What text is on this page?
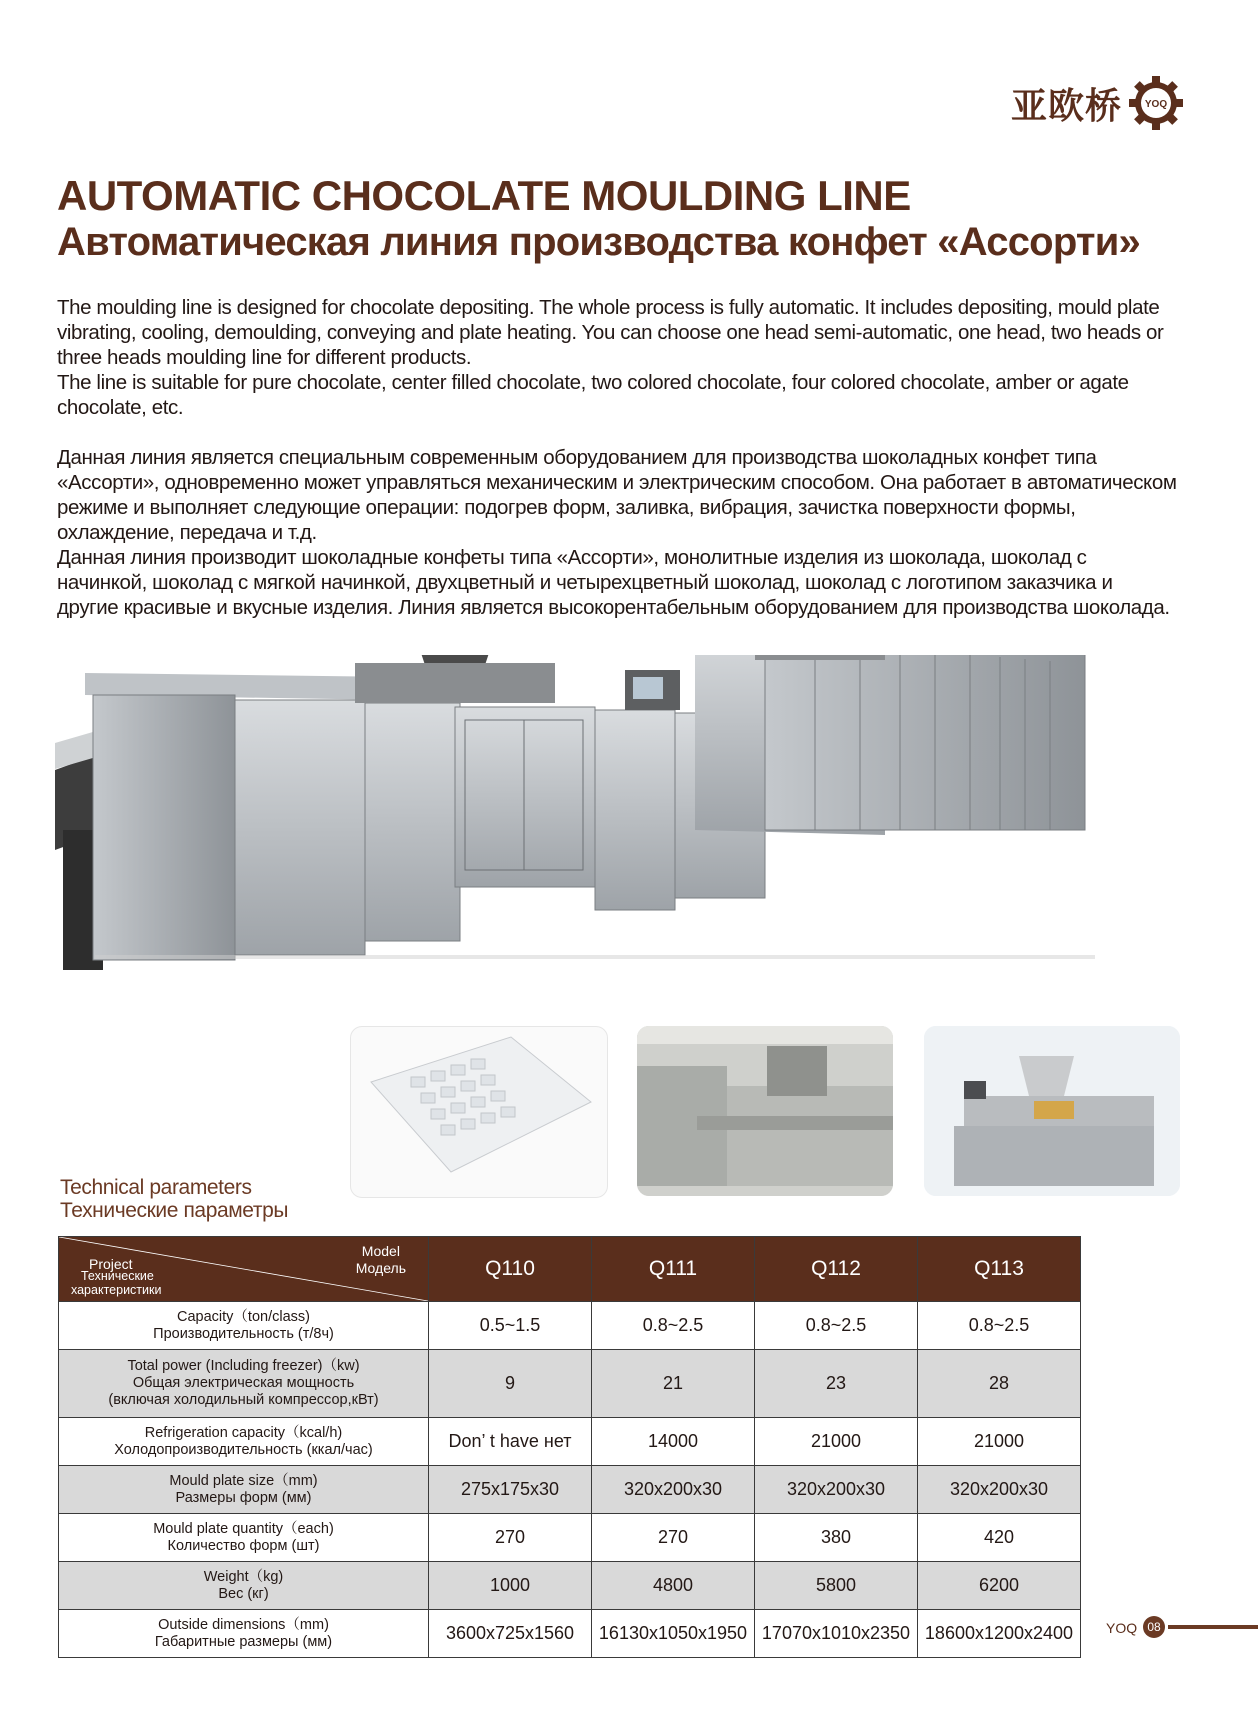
亚欧桥 YOQ
AUTOMATIC CHOCOLATE MOULDING LINE
Автоматическая линия производства конфет «Ассорти»

The moulding line is designed for chocolate depositing. The whole process is fully automatic. It includes depositing, mould plate vibrating, cooling, demoulding, conveying and plate heating. You can choose one head semi-automatic, one head, two heads or three heads moulding line for different products.

The line is suitable for pure chocolate, center filled chocolate, two colored chocolate, four colored chocolate, amber or agate chocolate, etc.

Данная линия является специальным современным оборудованием для производства шоколадных конфет типа «Ассорти», одновременно может управляться механическим и электрическим способом. Она работает в автоматическом режиме и выполняет следующие операции: подогрев форм, заливка, вибрация, зачистка поверхности формы, охлаждение, передача и т.д.

Данная линия производит шоколадные конфеты типа «Ассорти», монолитные изделия из шоколада, шоколад с начинкой, шоколад с мягкой начинкой, двухцветный и четырехцветный шоколад, шоколад с логотипом заказчика и другие красивые и вкусные изделия. Линия является высокорентабельным оборудованием для производства шоколада.

Technical parameters
Технические параметры
Model
Модель
Project
Технические
характеристики	Q110	Q111	Q112	Q113

Capacity（ton/class)
Производительность (т/8ч)	0.5~1.5	0.8~2.5	0.8~2.5	0.8~2.5

Total power (Including freezer)（kw)
Общая электрическая мощность
(включая холодильный компрессор,кВт)	9	21	23	28

Refrigeration capacity（kcal/h)
Холодопроизводительность (ккал/час)	Don’ t have нет	14000	21000	21000

Mould plate size（mm)
Размеры форм (мм)	275x175x30	320x200x30	320x200x30	320x200x30

Mould plate quantity（each)
Количество форм (шт)	270	270	380	420

Weight（kg)
Вес (кг)	1000	4800	5800	6200

Outside dimensions（mm)
Габаритные размеры (мм)	3600x725x1560	16130x1050x1950	17070x1010x2350	18600x1200x2400 YOQ 08
